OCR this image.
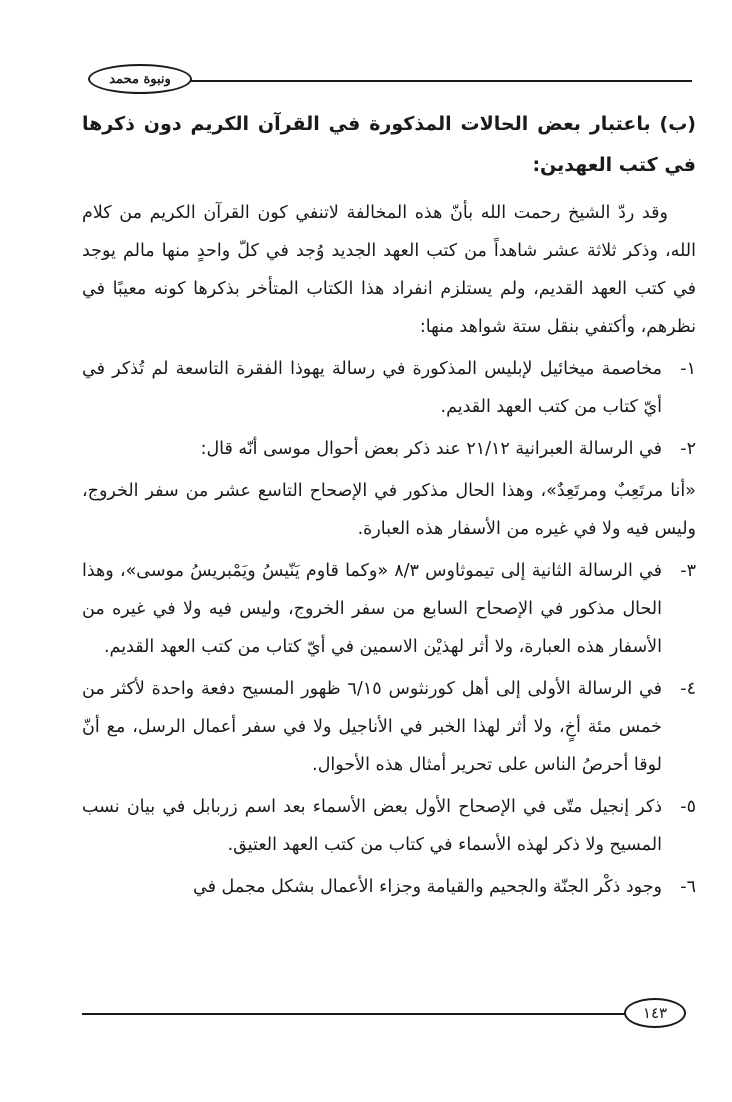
ونبوة محمد

(ب) باعتبار بعض الحالات المذكورة في القرآن الكريم دون ذكرها في كتب العهدين:

وقد ردّ الشيخ رحمت الله بأنّ هذه المخالفة لاتنفي كون القرآن الكريم من كلام الله، وذكر ثلاثة عشر شاهداً من كتب العهد الجديد وُجد في كلّ واحدٍ منها مالم يوجد في كتب العهد القديم، ولم يستلزم انفراد هذا الكتاب المتأخر بذكرها كونه معيبًا في نظرهم، وأكتفي بنقل ستة شواهد منها:

١-
مخاصمة ميخائيل لإبليس المذكورة في رسالة يهوذا الفقرة التاسعة لم تُذكر في أيّ كتاب من كتب العهد القديم.
٢-
في الرسالة العبرانية ٢١/١٢ عند ذكر بعض أحوال موسى أنّه قال:

«أنا مرتَعِبٌ ومرتَعِدٌ»، وهذا الحال مذكور في الإصحاح التاسع عشر من سفر الخروج، وليس فيه ولا في غيره من الأسفار هذه العبارة.

٣-
في الرسالة الثانية إلى تيموثاوس ٨/٣ «وكما قاوم يَنّيسُ ويَمْبريسُ موسى»، وهذا الحال مذكور في الإصحاح السابع من سفر الخروج، وليس فيه ولا في غيره من الأسفار هذه العبارة، ولا أثر لهذيْن الاسمين في أيّ كتاب من كتب العهد القديم.
٤-
في الرسالة الأولى إلى أهل كورنثوس ٦/١٥ ظهور المسيح دفعة واحدة لأكثر من خمس مئة أخٍ، ولا أثر لهذا الخبر في الأناجيل ولا في سفر أعمال الرسل، مع أنّ لوقا أحرصُ الناس على تحرير أمثال هذه الأحوال.
٥-
ذكر إنجيل متّى في الإصحاح الأول بعض الأسماء بعد اسم زربابل في بيان نسب المسيح ولا ذكر لهذه الأسماء في كتاب من كتب العهد العتيق.
٦-
وجود ذكْر الجنّة والجحيم والقيامة وجزاء الأعمال بشكل مجمل في
١٤٣
